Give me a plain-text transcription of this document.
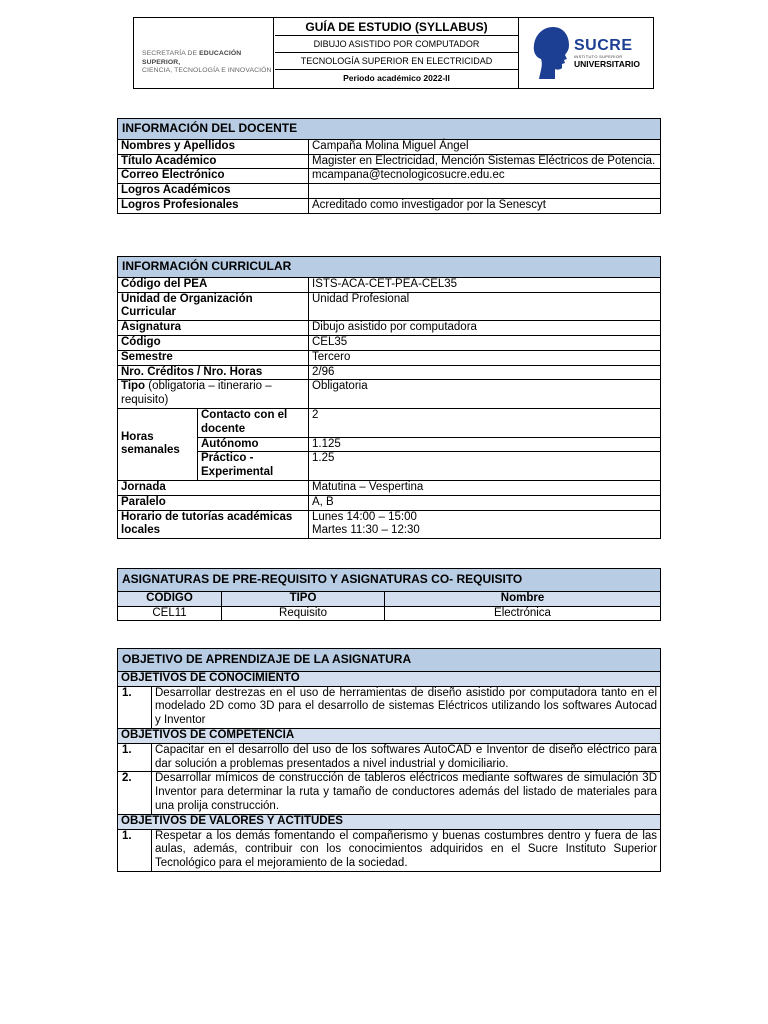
SECRETARÍA DE EDUCACIÓN SUPERIOR,
CIENCIA, TECNOLOGÍA E INNOVACIÓN
GUÍA DE ESTUDIO (SYLLABUS)
DIBUJO ASISTIDO POR COMPUTADOR
TECNOLOGÍA SUPERIOR EN ELECTRICIDAD
Periodo académico 2022-II
SUCRE
INSTITUTO SUPERIOR
UNIVERSITARIO
INFORMACIÓN DEL DOCENTE	
Nombres y Apellidos	Campaña Molina Miguel Ángel
Título Académico	Magister en Electricidad, Mención Sistemas Eléctricos de Potencia.
Correo Electrónico	mcampana@tecnologicosucre.edu.ec
Logros Académicos	
Logros Profesionales	Acreditado como investigador por la Senescyt
INFORMACIÓN CURRICULAR		
Código del PEA		ISTS-ACA-CET-PEA-CEL35
Unidad de Organización Curricular		Unidad Profesional
Asignatura		Dibujo asistido por computadora
Código		CEL35
Semestre		Tercero
Nro. Créditos / Nro. Horas		2/96
Tipo (obligatoria – itinerario – requisito)		Obligatoria
Horas semanales	Contacto con el docente	2
	Autónomo	1.125
	Práctico - Experimental	1.25
Jornada		Matutina – Vespertina
Paralelo		A, B
Horario de tutorías académicas locales		Lunes 14:00 – 15:00
Martes 11:30 – 12:30
ASIGNATURAS DE PRE-REQUISITO Y ASIGNATURAS CO- REQUISITO		
CODIGO	TIPO	Nombre
CEL11	Requisito	Electrónica
OBJETIVO DE APRENDIZAJE DE LA ASIGNATURA	
OBJETIVOS DE CONOCIMIENTO	
1.	Desarrollar destrezas en el uso de herramientas de diseño asistido por computadora tanto en el modelado 2D como 3D para el desarrollo de sistemas Eléctricos utilizando los softwares Autocad y Inventor
OBJETIVOS DE COMPETENCIA	
1.	Capacitar en el desarrollo del uso de los softwares AutoCAD e Inventor de diseño eléctrico para dar solución a problemas presentados a nivel industrial y domiciliario.
2.	Desarrollar mímicos de construcción de tableros eléctricos mediante softwares de simulación 3D Inventor para determinar la ruta y tamaño de conductores además del listado de materiales para una prolija construcción.
OBJETIVOS DE VALORES Y ACTITUDES	
1.	Respetar a los demás fomentando el compañerismo y buenas costumbres dentro y fuera de las aulas, además, contribuir con los conocimientos adquiridos en el Sucre Instituto Superior Tecnológico para el mejoramiento de la sociedad.
